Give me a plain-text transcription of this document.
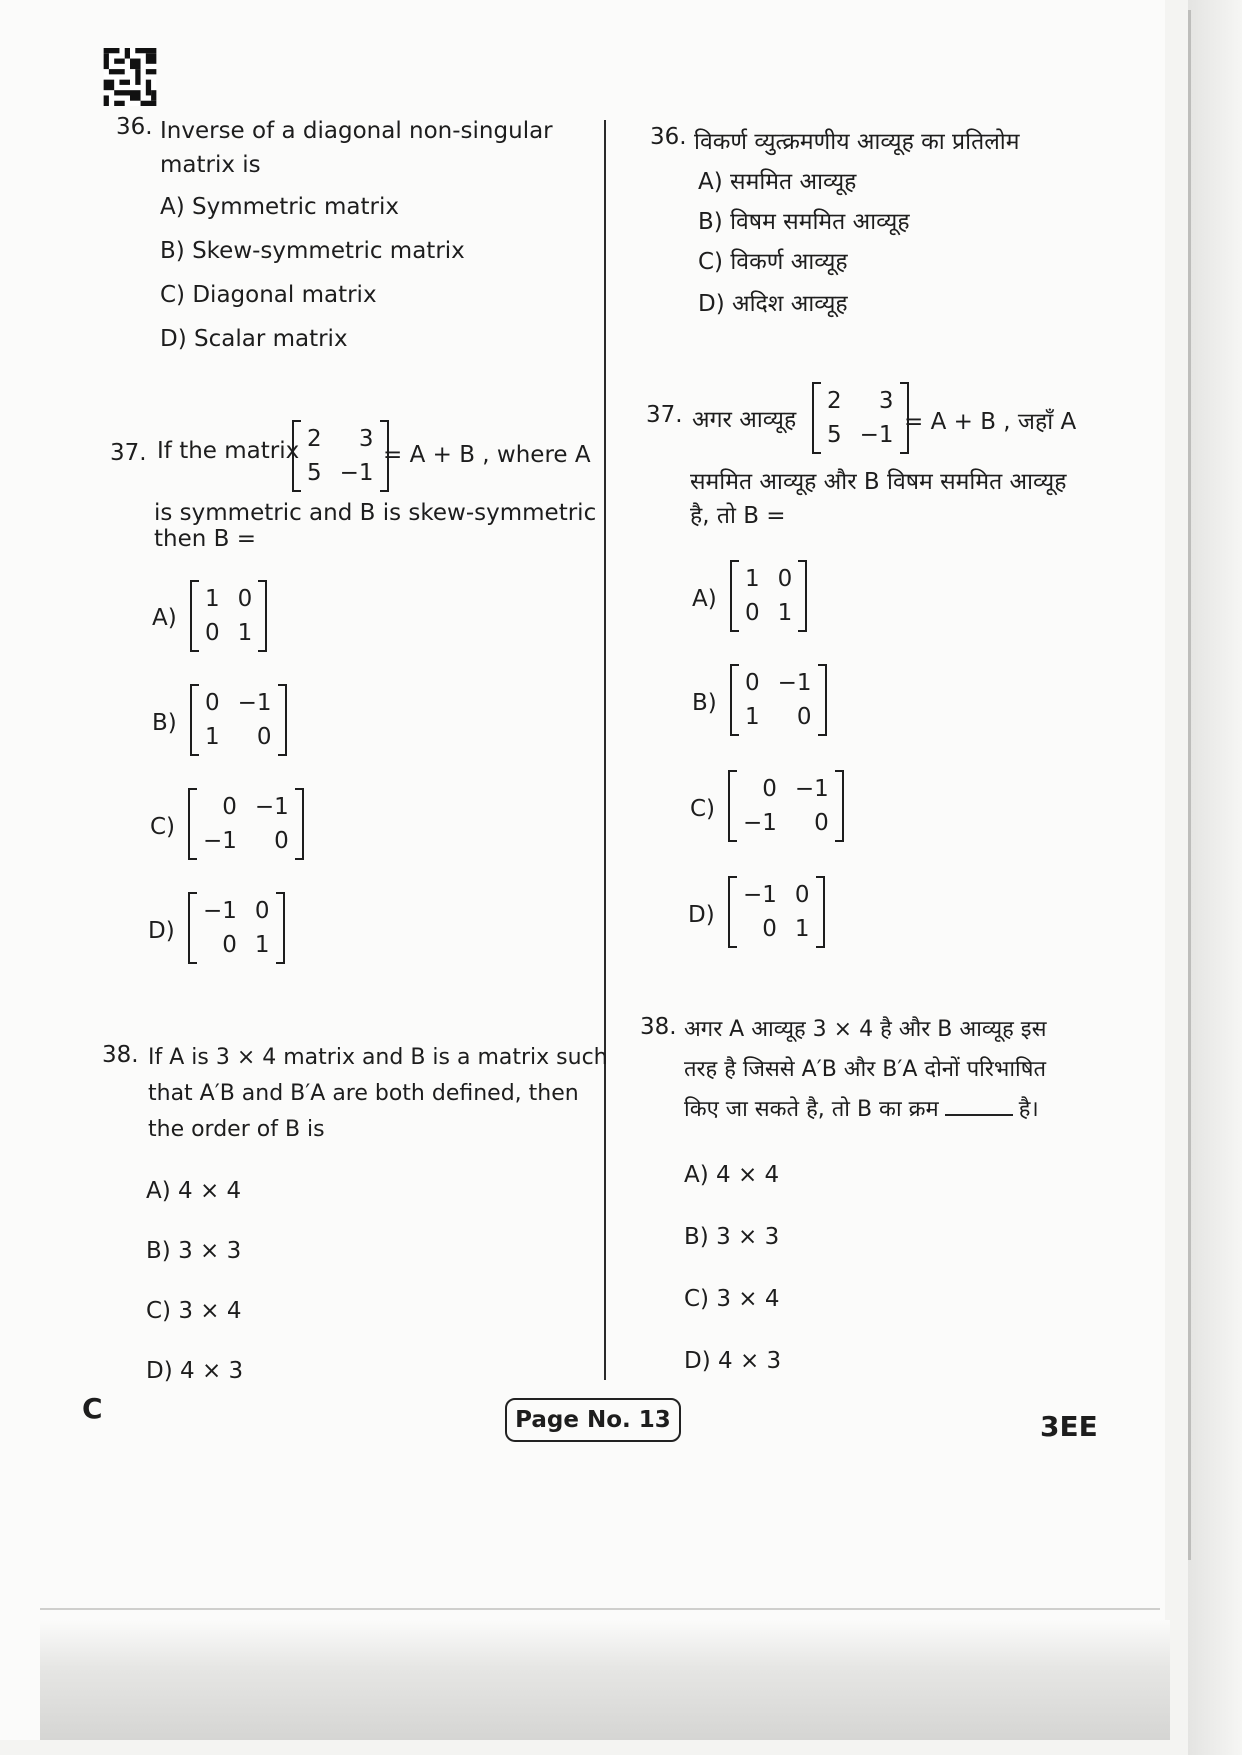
36. Inverse of a diagonal non-singular
matrix is
A) Symmetric matrix
B) Skew-symmetric matrix
C) Diagonal matrix
D) Scalar matrix
37. If the matrix 2	3
5 −1
= A + B , where A
is symmetric and B is skew-symmetric
then B =
A)
1 0
0 1
B)
0 −1
1	0
C)
0 −1
−1	0
D)
−1 0
0 1
38. If A is 3 × 4 matrix and B is a matrix such
that A′B and B′A are both defined, then
the order of B is
A) 4 × 4
B) 3 × 3
C) 3 × 4
D) 4 × 3
36. विकर्ण व्युत्क्रमणीय आव्यूह का प्रतिलोम
A) सममित आव्यूह
B) विषम सममित आव्यूह
C) विकर्ण आव्यूह
D) अदिश आव्यूह
37. अगर आव्यूह
2	3
5 −1 = A + B , जहाँ A
सममित आव्यूह और B विषम सममित आव्यूह
है, तो B =
A)
1 0
0 1
B)
0 −1
1	0
C)
0 −1
−1	0
D)
−1 0
0 1
38. अगर A आव्यूह 3 × 4 है और B आव्यूह इस
तरह है जिससे A′B और B′A दोनों परिभाषित
किए जा सकते है, तो B का क्रम	है।
A) 4 × 4
B) 3 × 3
C) 3 × 4
D) 4 × 3
C	Page No. 13	3EE
